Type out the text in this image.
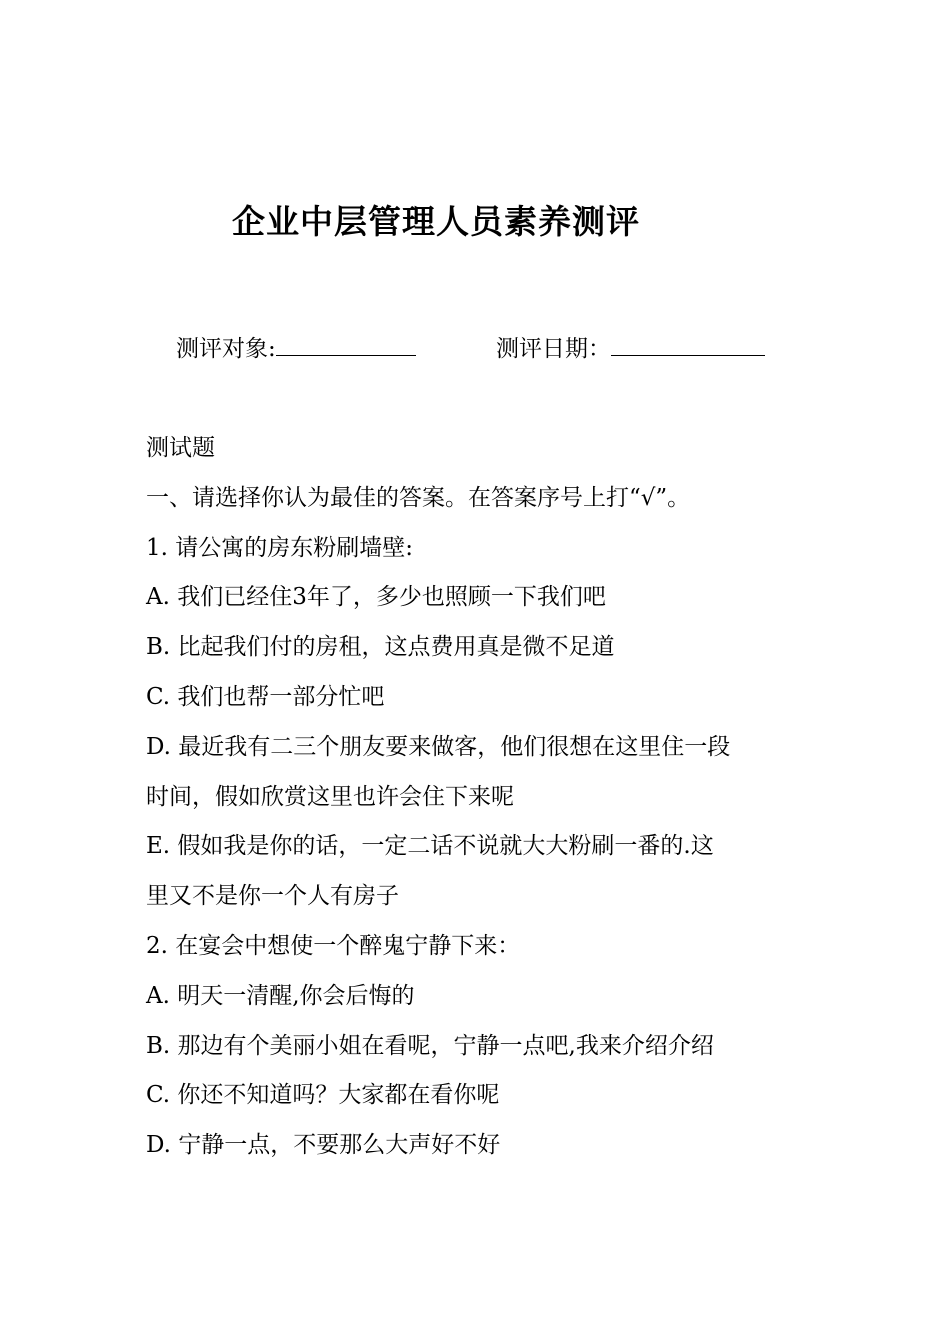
企业中层管理人员素养测评
测评对象:	测评日期：
测试题
一、请选择你认为最佳的答案。在答案序号上打“√”。
1. 请公寓的房东粉刷墙壁:
A. 我们已经住3年了，多少也照顾一下我们吧
B. 比起我们付的房租，这点费用真是微不足道
C. 我们也帮一部分忙吧
D. 最近我有二三个朋友要来做客，他们很想在这里住一段
时间，假如欣赏这里也许会住下来呢
E. 假如我是你的话，一定二话不说就大大粉刷一番的.这
里又不是你一个人有房子
2. 在宴会中想使一个醉鬼宁静下来：
A. 明天一清醒,你会后悔的
B. 那边有个美丽小姐在看呢，宁静一点吧,我来介绍介绍
C. 你还不知道吗？大家都在看你呢
D. 宁静一点，不要那么大声好不好
